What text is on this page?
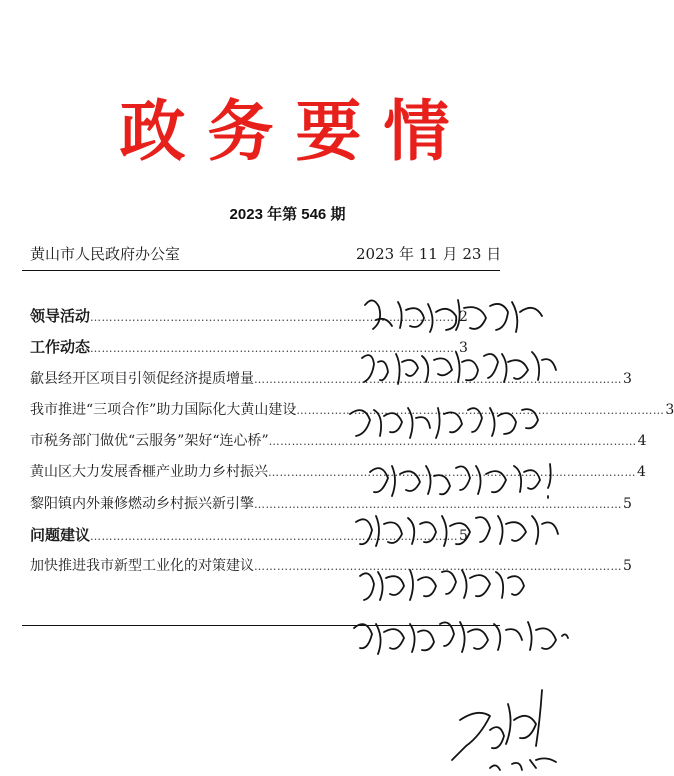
政务要情
2023 年第 546 期
黄山市人民政府办公室	2023 年 11 月 23 日
领导活动 ……………………………………………………………………………………	2
工作动态 ……………………………………………………………………………………	3
歙县经开区项目引领促经济提质增量 ……………………………………………………………………………………	3
我市推进“三项合作”助力国际化大黄山建设 ……………………………………………………………………………………	3
市税务部门做优“云服务”架好“连心桥” ……………………………………………………………………………………	4
黄山区大力发展香榧产业助力乡村振兴 ……………………………………………………………………………………	4
黎阳镇内外兼修燃动乡村振兴新引擎 ……………………………………………………………………………………	5
问题建议 ……………………………………………………………………………………	5
加快推进我市新型工业化的对策建议 ……………………………………………………………………………………	5
